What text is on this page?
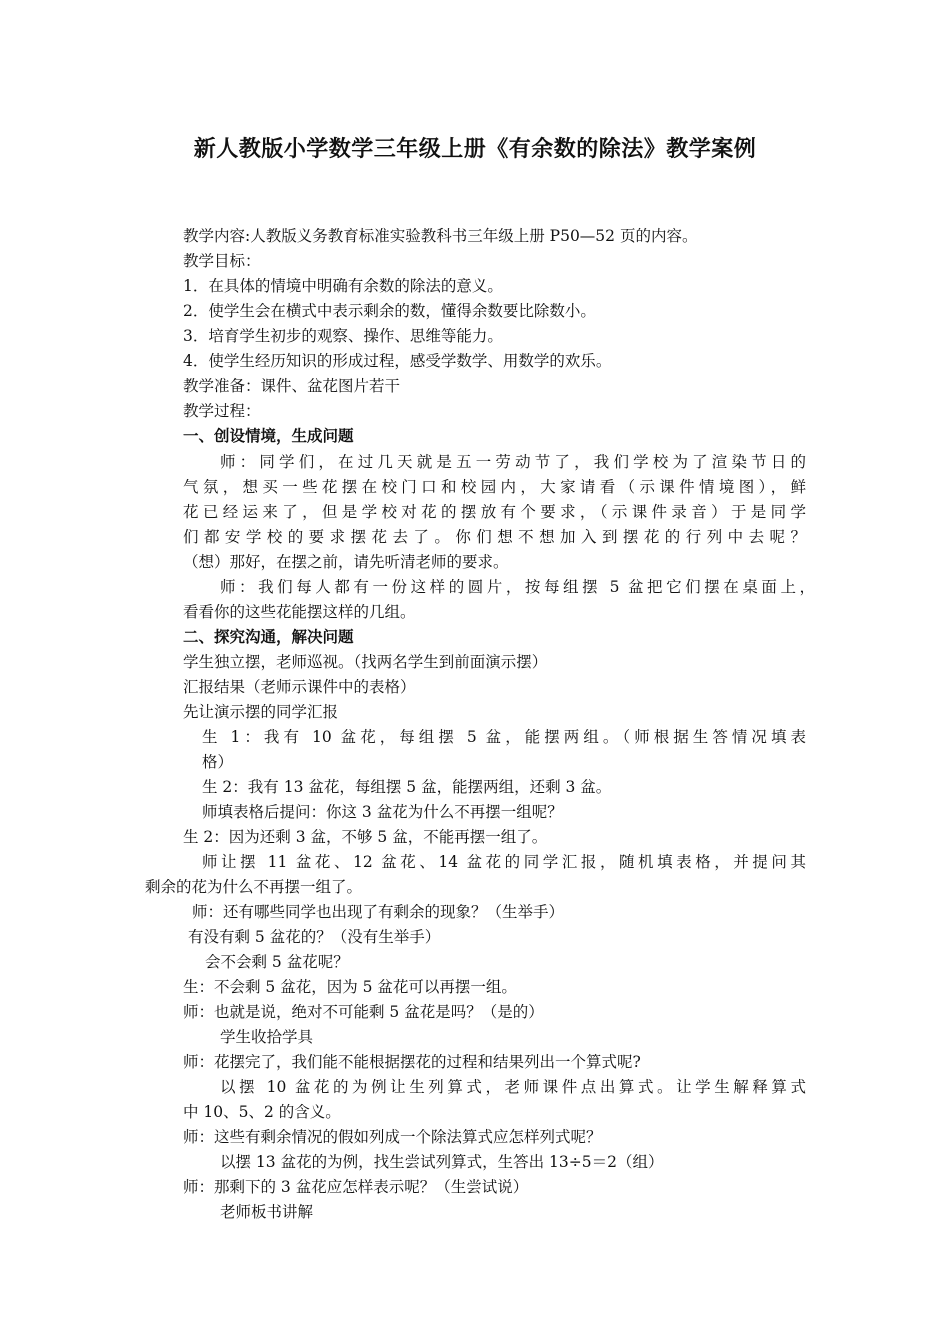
新人教版小学数学三年级上册《有余数的除法》教学案例
教学内容:人教版义务教育标准实验教科书三年级上册 P50—52 页的内容。
教学目标：
1．在具体的情境中明确有余数的除法的意义。
2．使学生会在横式中表示剩余的数，懂得余数要比除数小。
3．培育学生初步的观察、操作、思维等能力。
4．使学生经历知识的形成过程，感受学数学、用数学的欢乐。
教学准备：课件、盆花图片若干
教学过程：
一、创设情境，生成问题
师：同学们，在过几天就是五一劳动节了，我们学校为了渲染节日的
气氛，想买一些花摆在校门口和校园内，大家请看（示课件情境图），鲜
花已经运来了，但是学校对花的摆放有个要求，（示课件录音）于是同学
们都安学校的要求摆花去了。你们想不想加入到摆花的行列中去呢？
（想）那好，在摆之前，请先听清老师的要求。
师：我们每人都有一份这样的圆片，按每组摆 5 盆把它们摆在桌面上，
看看你的这些花能摆这样的几组。
二、探究沟通，解决问题
学生独立摆，老师巡视。（找两名学生到前面演示摆）
汇报结果（老师示课件中的表格）
先让演示摆的同学汇报
生 1：我有 10 盆花，每组摆 5 盆，能摆两组。（师根据生答情况填表
格）
生 2：我有 13 盆花，每组摆 5 盆，能摆两组，还剩 3 盆。
师填表格后提问：你这 3 盆花为什么不再摆一组呢？
生 2：因为还剩 3 盆，不够 5 盆，不能再摆一组了。
师让摆 11 盆花、12 盆花、14 盆花的同学汇报，随机填表格，并提问其
剩余的花为什么不再摆一组了。
师：还有哪些同学也出现了有剩余的现象？（生举手）
有没有剩 5 盆花的？（没有生举手）
会不会剩 5 盆花呢？
生：不会剩 5 盆花，因为 5 盆花可以再摆一组。
师：也就是说，绝对不可能剩 5 盆花是吗？（是的）
学生收拾学具
师：花摆完了，我们能不能根据摆花的过程和结果列出一个算式呢?
以摆 10 盆花的为例让生列算式，老师课件点出算式。让学生解释算式
中 10、5、2 的含义。
师：这些有剩余情况的假如列成一个除法算式应怎样列式呢？
以摆 13 盆花的为例，找生尝试列算式，生答出 13÷5＝2（组）
师：那剩下的 3 盆花应怎样表示呢？（生尝试说）
老师板书讲解
